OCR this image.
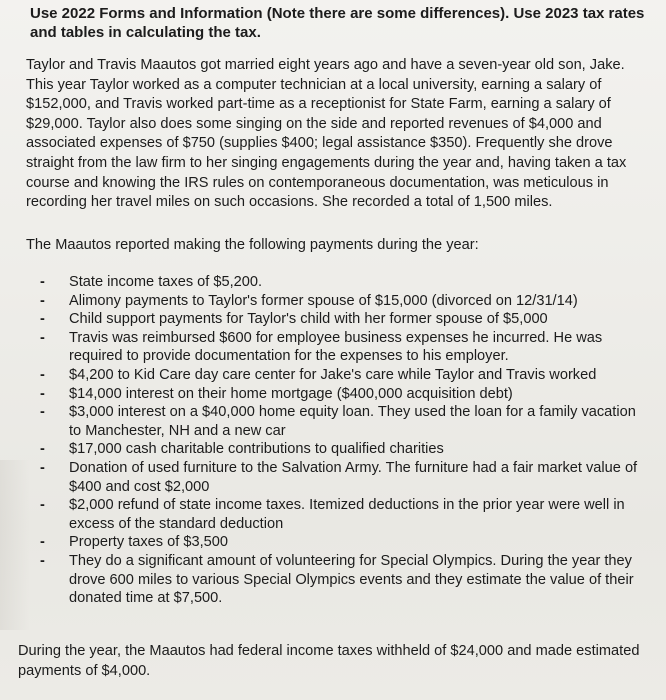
Use 2022 Forms and Information (Note there are some differences). Use 2023 tax rates and tables in calculating the tax.
Taylor and Travis Maautos got married eight years ago and have a seven-year old son, Jake. This year Taylor worked as a computer technician at a local university, earning a salary of $152,000, and Travis worked part-time as a receptionist for State Farm, earning a salary of $29,000. Taylor also does some singing on the side and reported revenues of $4,000 and associated expenses of $750 (supplies $400; legal assistance $350). Frequently she drove straight from the law firm to her singing engagements during the year and, having taken a tax course and knowing the IRS rules on contemporaneous documentation, was meticulous in recording her travel miles on such occasions. She recorded a total of 1,500 miles.
The Maautos reported making the following payments during the year:
- State income taxes of $5,200.
- Alimony payments to Taylor's former spouse of $15,000 (divorced on 12/31/14)
- Child support payments for Taylor's child with her former spouse of $5,000
- Travis was reimbursed $600 for employee business expenses he incurred. He was required to provide documentation for the expenses to his employer.
- $4,200 to Kid Care day care center for Jake's care while Taylor and Travis worked
- $14,000 interest on their home mortgage ($400,000 acquisition debt)
- $3,000 interest on a $40,000 home equity loan. They used the loan for a family vacation to Manchester, NH and a new car
- $17,000 cash charitable contributions to qualified charities
- Donation of used furniture to the Salvation Army. The furniture had a fair market value of $400 and cost $2,000
- $2,000 refund of state income taxes. Itemized deductions in the prior year were well in excess of the standard deduction
- Property taxes of $3,500
- They do a significant amount of volunteering for Special Olympics. During the year they drove 600 miles to various Special Olympics events and they estimate the value of their donated time at $7,500.
During the year, the Maautos had federal income taxes withheld of $24,000 and made estimated payments of $4,000.
